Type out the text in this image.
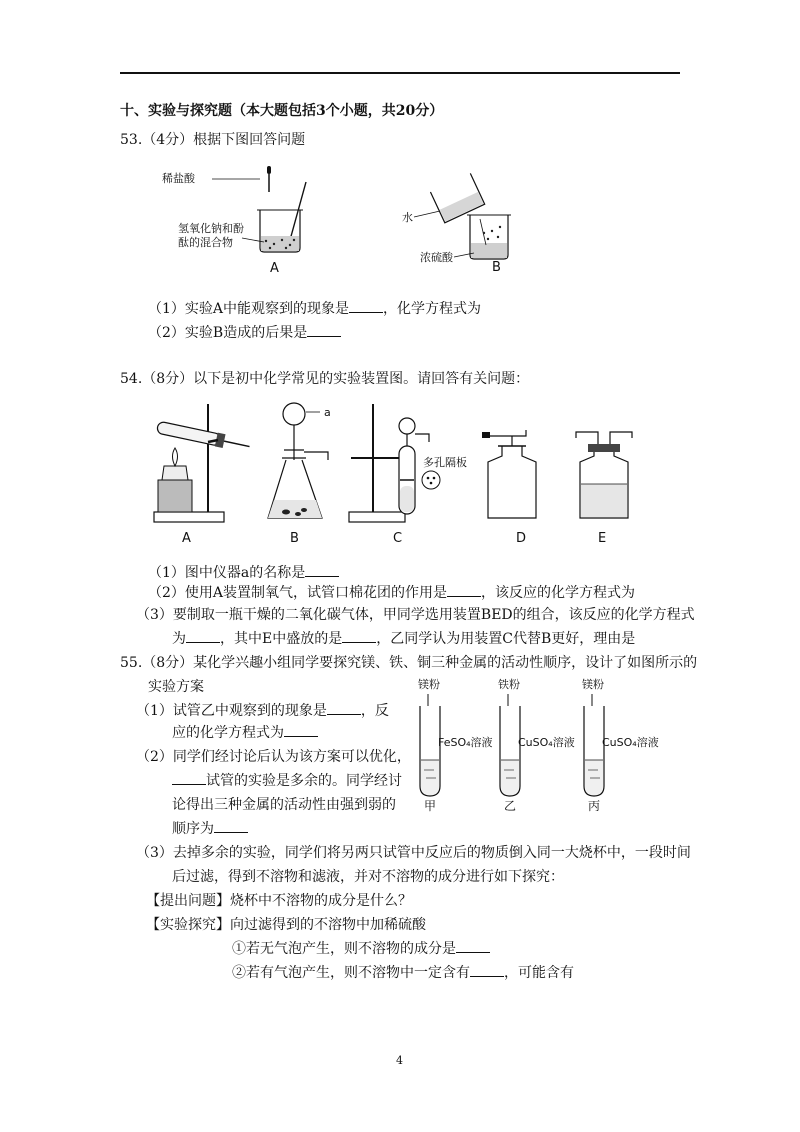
十、实验与探究题（本大题包括3个小题，共20分）
53.（4分）根据下图回答问题
稀盐酸
氢氧化钠和酚
酞的混合物
A
水
浓硫酸
B
（1）实验A中能观察到的现象是 ，化学方程式为
（2）实验B造成的后果是
54.（8分）以下是初中化学常见的实验装置图。请回答有关问题：
A
a
B
多孔隔板
C	D	E
（1）图中仪器a的名称是
（2）使用A装置制氧气，试管口棉花团的作用是 ，该反应的化学方程式为
（3）要制取一瓶干燥的二氧化碳气体，甲同学选用装置BED的组合，该反应的化学方程式
为 ，其中E中盛放的是 ，乙同学认为用装置C代替B更好，理由是
55.（8分）某化学兴趣小组同学要探究镁、铁、铜三种金属的活动性顺序，设计了如图所示的
实验方案	镁粉
FeSO₄溶液
甲
铁粉
CuSO₄溶液
乙
镁粉
CuSO₄溶液
丙
（1）试管乙中观察到的现象是 ，反
应的化学方程式为
（2）同学们经讨论后认为该方案可以优化，
试管的实验是多余的。同学经讨
论得出三种金属的活动性由强到弱的
顺序为
（3）去掉多余的实验，同学们将另两只试管中反应后的物质倒入同一大烧杯中，一段时间
后过滤，得到不溶物和滤液，并对不溶物的成分进行如下探究：
【提出问题】烧杯中不溶物的成分是什么？
【实验探究】向过滤得到的不溶物中加稀硫酸
①若无气泡产生，则不溶物的成分是
②若有气泡产生，则不溶物中一定含有 ，可能含有
4
